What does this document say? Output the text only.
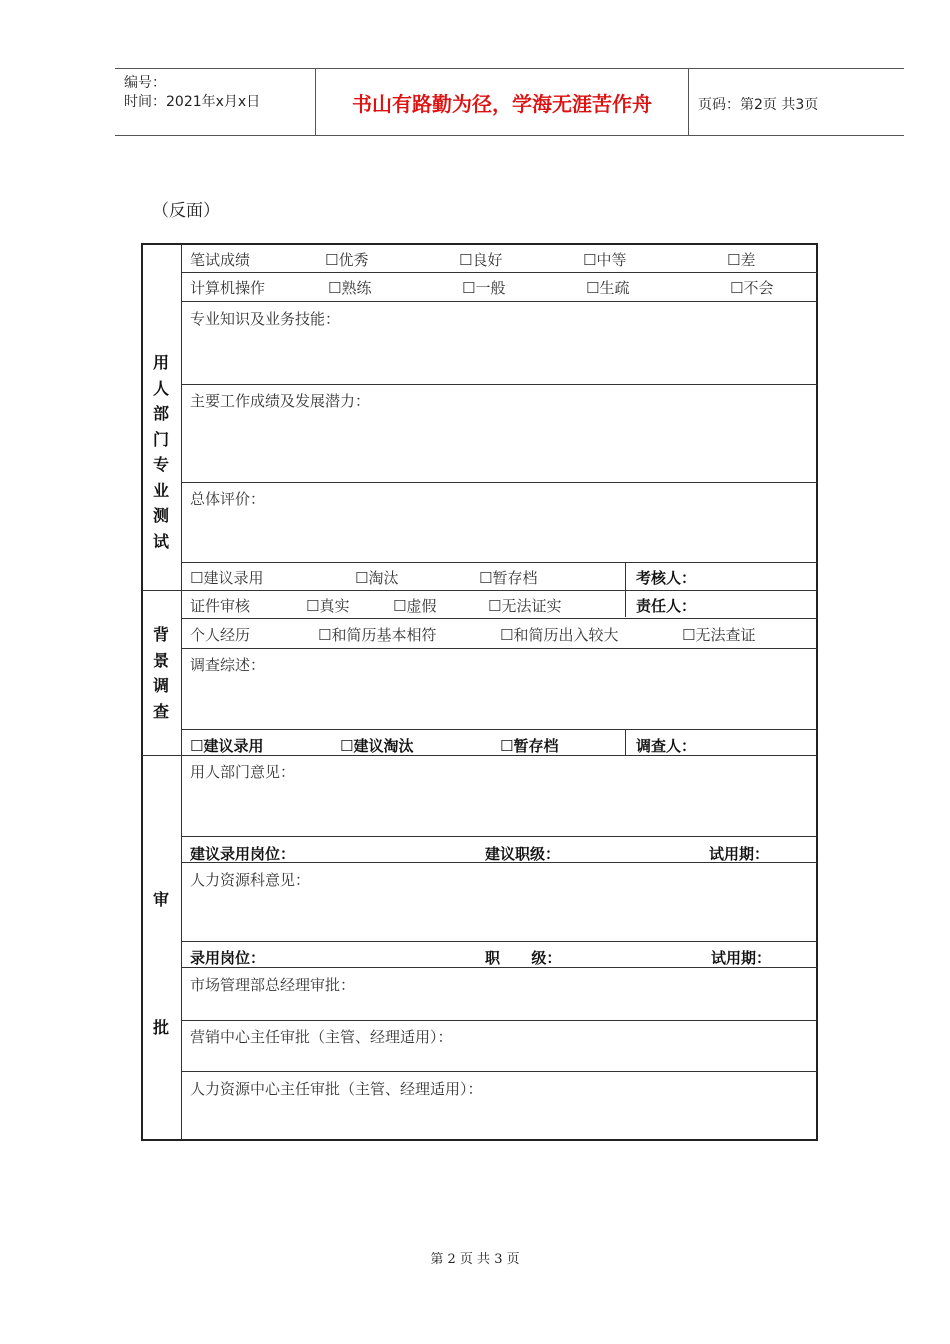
编号：
时间：2021年x月x日	书山有路勤为径，学海无涯苦作舟	页码：第2页 共3页
（反面）
用人部门专业测试
背景调查
审
批
笔试成绩	☐优秀	☐良好	☐中等	☐差
计算机操作	☐熟练	☐一般	☐生疏	☐不会
专业知识及业务技能：
主要工作成绩及发展潜力：
总体评价：
☐建议录用	☐淘汰	☐暂存档	考核人：
证件审核	☐真实	☐虚假	☐无法证实	责任人：
个人经历	☐和简历基本相符	☐和简历出入较大	☐无法查证
调查综述：
☐建议录用	☐建议淘汰	☐暂存档	调查人：
用人部门意见：
建议录用岗位：	建议职级：	试用期：
人力资源科意见：
录用岗位：	职      级：	试用期：
市场管理部总经理审批：
营销中心主任审批（主管、经理适用）：
人力资源中心主任审批（主管、经理适用）：
第 2 页 共 3 页
